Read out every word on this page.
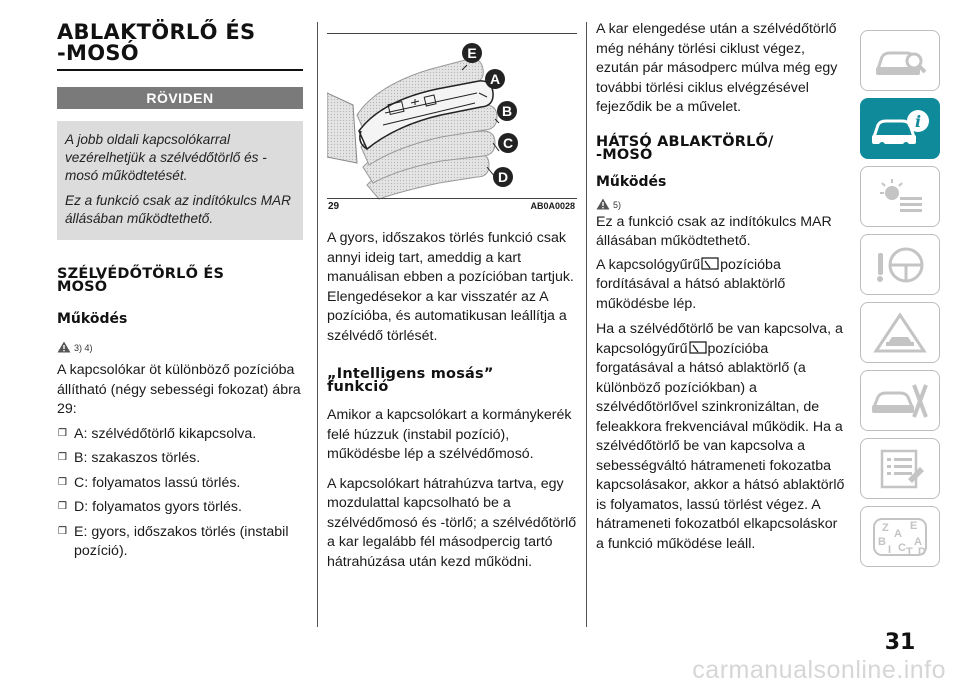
ABLAKTÖRLŐ ÉS
-MOSÓ
RÖVIDEN

A jobb oldali kapcsolókarral vezérelhetjük a szélvédőtörlő és -mosó működtetését.

Ez a funkció csak az indítókulcs MAR állásában működtethető.

SZÉLVÉDŐTÖRLŐ ÉS
MOSÓ
Működés
3) 4)

A kapcsolókar öt különböző pozícióba állítható (négy sebességi fokozat) ábra 29:

❒ A: szélvédőtörlő kikapcsolva.
❒ B: szakaszos törlés.
❒ C: folyamatos lassú törlés.
❒ D: folyamatos gyors törlés.
❒ E: gyors, időszakos törlés (instabil pozíció).
E
A
B
C
D
29	AB0A0028

A gyors, időszakos törlés funkció csak annyi ideig tart, ameddig a kart manuálisan ebben a pozícióban tartjuk. Elengedésekor a kar visszatér az A pozícióba, és automatikusan leállítja a szélvédő törlését.

„Intelligens mosás”
funkció

Amikor a kapcsolókart a kormánykerék felé húzzuk (instabil pozíció), működésbe lép a szélvédőmosó.

A kapcsolókart hátrahúzva tartva, egy mozdulattal kapcsolható be a szélvédőmosó és -törlő; a szélvédőtörlő a kar legalább fél másodpercig tartó hátrahúzása után kezd működni.

A kar elengedése után a szélvédőtörlő még néhány törlési ciklust végez, ezután pár másodperc múlva még egy további törlési ciklus elvégzésével fejeződik be a művelet.

HÁTSÓ ABLAKTÖRLŐ/
-MOSÓ
Működés
5)

Ez a funkció csak az indítókulcs MAR állásában működtethető.

A kapcsológyűrű pozícióba fordításával a hátsó ablaktörlő működésbe lép.

Ha a szélvédőtörlő be van kapcsolva, a kapcsológyűrű pozícióba forgatásával a hátsó ablaktörlő (a különböző pozíciókban) a szélvédőtörlővel szinkronizáltan, de feleakkora frekvenciával működik. Ha a szélvédőtörlő be van kapcsolva a sebességváltó hátrameneti fokozatba kapcsolásakor, akkor a hátsó ablaktörlő is folyamatos, lassú törlést végez. A hátrameneti fokozatból elkapcsoláskor a funkció működése leáll.

i
Z E
A
B	A
I C T D
31
carmanualsonline.info
